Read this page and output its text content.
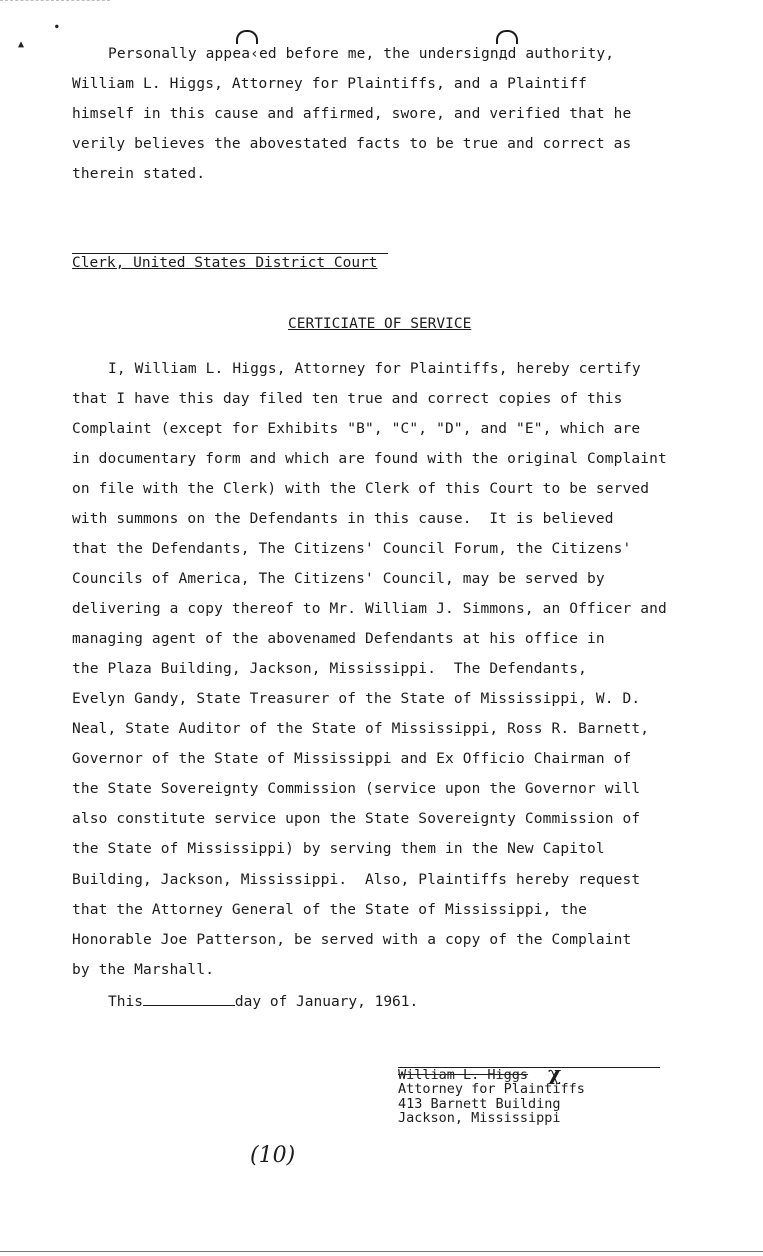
▲
●
Personally appea‹ed before me, the undersignдd authority,
William L. Higgs, Attorney for Plaintiffs, and a Plaintiff
himself in this cause and affirmed, swore, and verified that he
verily believes the abovestated facts to be true and correct as
therein stated.
Clerk, United States District Court
CERTICIATE OF SERVICE
I, William L. Higgs, Attorney for Plaintiffs, hereby certify
that I have this day filed ten true and correct copies of this
Complaint (except for Exhibits "B", "C", "D", and "E", which are
in documentary form and which are found with the original Complaint
on file with the Clerk) with the Clerk of this Court to be served
with summons on the Defendants in this cause.  It is believed
that the Defendants, The Citizens' Council Forum, the Citizens'
Councils of America, The Citizens' Council, may be served by
delivering a copy thereof to Mr. William J. Simmons, an Officer and
managing agent of the abovenamed Defendants at his office in
the Plaza Building, Jackson, Mississippi.  The Defendants,
Evelyn Gandy, State Treasurer of the State of Mississippi, W. D.
Neal, State Auditor of the State of Mississippi, Ross R. Barnett,
Governor of the State of Mississippi and Ex Officio Chairman of
the State Sovereignty Commission (service upon the Governor will
also constitute service upon the State Sovereignty Commission of
the State of Mississippi) by serving them in the New Capitol
Building, Jackson, Mississippi.  Also, Plaintiffs hereby request
that the Attorney General of the State of Mississippi, the
Honorable Joe Patterson, be served with a copy of the Complaint
by the Marshall.
This	day of January, 1961.
William L. Higgs χ
Attorney for Plaintiffs
413 Barnett Building
Jackson, Mississippi
(10)
